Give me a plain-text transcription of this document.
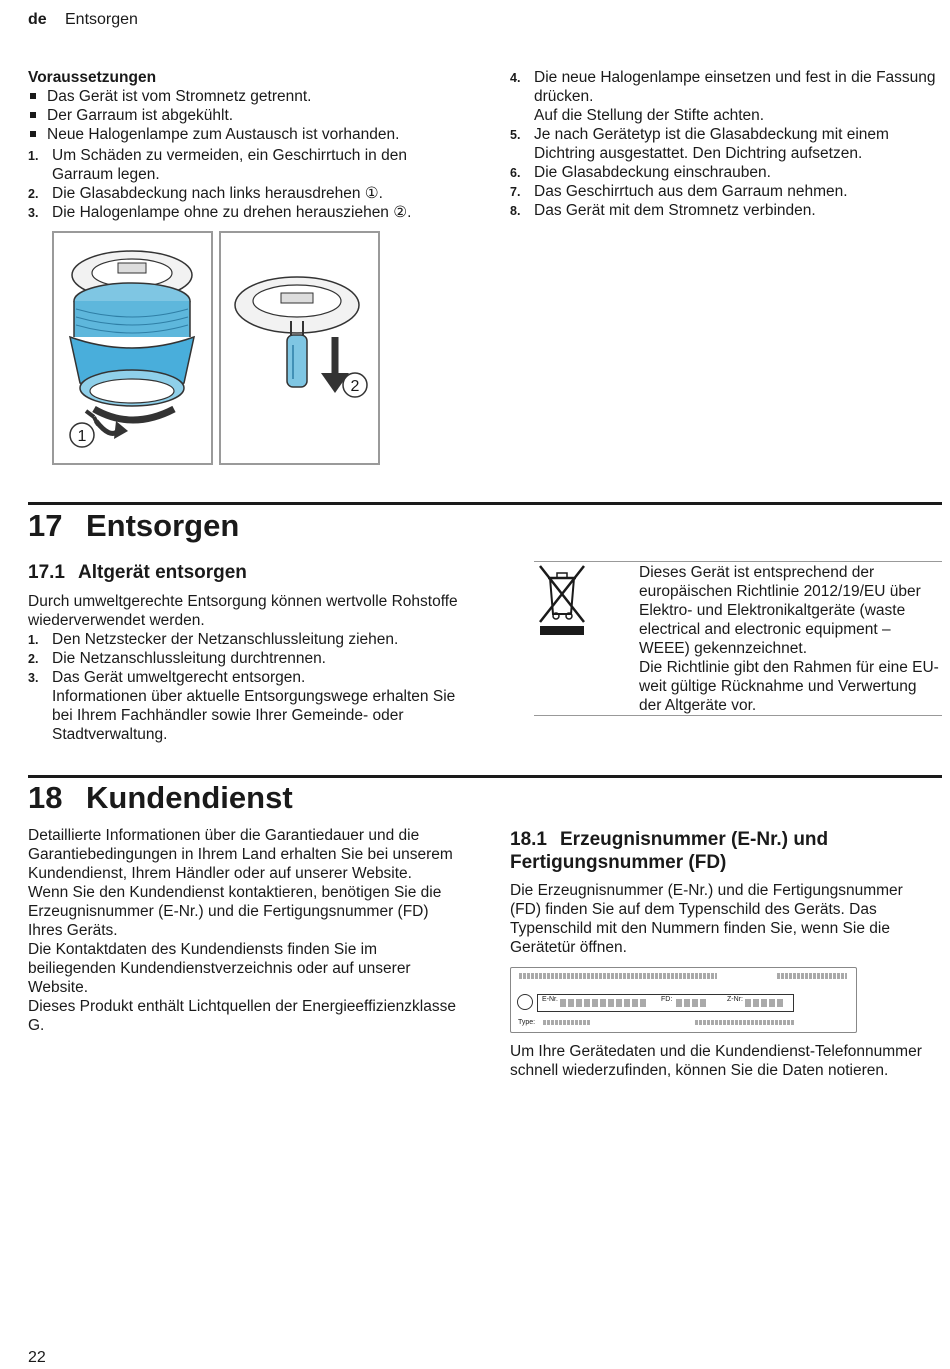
de Entsorgen
Voraussetzungen
Das Gerät ist vom Stromnetz getrennt.
Der Garraum ist abgekühlt.
Neue Halogenlampe zum Austausch ist vorhanden.
1. Um Schäden zu vermeiden, ein Geschirrtuch in den Garraum legen.
2. Die Glasabdeckung nach links herausdrehen ①.
3. Die Halogenlampe ohne zu drehen herausziehen ②.
4. Die neue Halogenlampe einsetzen und fest in die Fassung drücken.
Auf die Stellung der Stifte achten.
5. Je nach Gerätetyp ist die Glasabdeckung mit einem Dichtring ausgestattet. Den Dichtring aufsetzen.
6. Die Glasabdeckung einschrauben.
7. Das Geschirrtuch aus dem Garraum nehmen.
8. Das Gerät mit dem Stromnetz verbinden.
1
2
17 Entsorgen
17.1 Altgerät entsorgen

Durch umweltgerechte Entsorgung können wertvolle Rohstoffe wiederverwendet werden.

1. Den Netzstecker der Netzanschlussleitung ziehen.
2. Die Netzanschlussleitung durchtrennen.
3. Das Gerät umweltgerecht entsorgen.
Informationen über aktuelle Entsorgungswege erhalten Sie bei Ihrem Fachhändler sowie Ihrer Gemeinde- oder Stadtverwaltung.

Dieses Gerät ist entsprechend der europäischen Richtlinie 2012/19/EU über Elektro- und Elektronikaltgeräte (waste electrical and electronic equipment – WEEE) gekennzeichnet.

Die Richtlinie gibt den Rahmen für eine EU-weit gültige Rücknahme und Verwertung der Altgeräte vor.

18 Kundendienst

Detaillierte Informationen über die Garantiedauer und die Garantiebedingungen in Ihrem Land erhalten Sie bei unserem Kundendienst, Ihrem Händler oder auf unserer Website.

Wenn Sie den Kundendienst kontaktieren, benötigen Sie die Erzeugnisnummer (E-Nr.) und die Fertigungsnummer (FD) Ihres Geräts.

Die Kontaktdaten des Kundendiensts finden Sie im beiliegenden Kundendienstverzeichnis oder auf unserer Website.

Dieses Produkt enthält Lichtquellen der Energieeffizienzklasse G.

18.1 Erzeugnisnummer (E-Nr.) und
Fertigungsnummer (FD)
Die Erzeugnisnummer (E-Nr.) und die Fertigungsnummer (FD) finden Sie auf dem Typenschild des Geräts. Das Typenschild mit den Nummern finden Sie, wenn Sie die Gerätetür öffnen.
E-Nr.	FD:	Z-Nr:
Type:
Um Ihre Gerätedaten und die Kundendienst-Telefonnummer schnell wiederzufinden, können Sie die Daten notieren.
22
